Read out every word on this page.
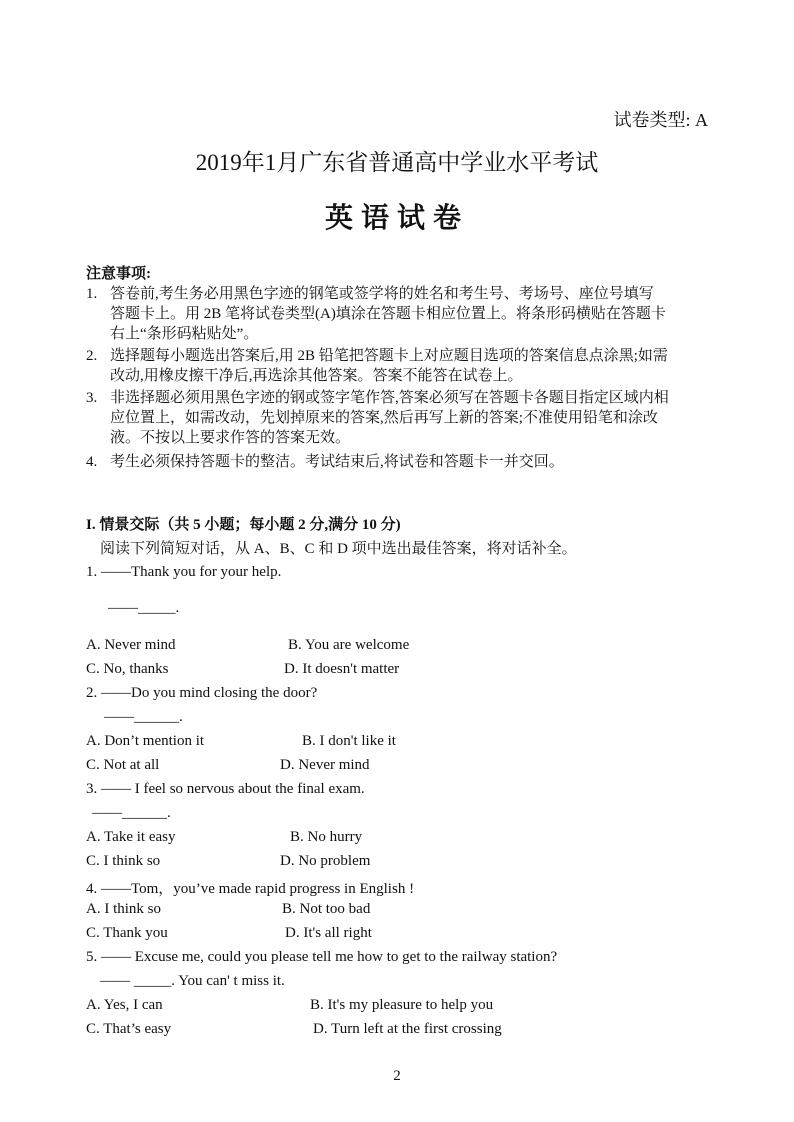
试卷类型: A
2019年1月广东省普通高中学业水平考试
英语试卷
注意事项:
1. 答卷前,考生务必用黑色字迹的钢笔或签学将的姓名和考生号、考场号、座位号填写
答题卡上。用 2B 笔将试卷类型(A)填涂在答题卡相应位置上。将条形码横贴在答题卡
右上“条形码粘贴处”。
2. 选择题每小题选出答案后,用 2B 铅笔把答题卡上对应题目选项的答案信息点涂黑;如需
改动,用橡皮擦干净后,再选涂其他答案。答案不能答在试卷上。
3. 非选择题必须用黑色字迹的钢或签字笔作答,答案必须写在答题卡各题目指定区域内相
应位置上，如需改动，先划掉原来的答案,然后再写上新的答案;不准使用铅笔和涂改
液。不按以上要求作答的答案无效。
4. 考生必须保持答题卡的整洁。考试结束后,将试卷和答题卡一并交回。
I. 情景交际（共 5 小题；每小题 2 分,满分 10 分)
阅读下列简短对话，从 A、B、C 和 D 项中选出最佳答案，将对话补全。
1. ——Thank you for your help.
——_____.
A. Never mind	B. You are welcome
C. No, thanks	D. It doesn't matter
2. ——Do you mind closing the door?
——______.
A. Don’t mention it	B. I don't like it
C. Not at all	D. Never mind
3. —— I feel so nervous about the final exam.
——______.
A. Take it easy	B. No hurry
C. I think so	D. No problem
4. ——Tom，you’ve made rapid progress in English !
A. I think so	B. Not too bad
C. Thank you	D. It's all right
5. —— Excuse me, could you please tell me how to get to the railway station?
—— _____. You can' t miss it.
A. Yes, I can	B. It's my pleasure to help you
C. That’s easy	D. Turn left at the first crossing
2
